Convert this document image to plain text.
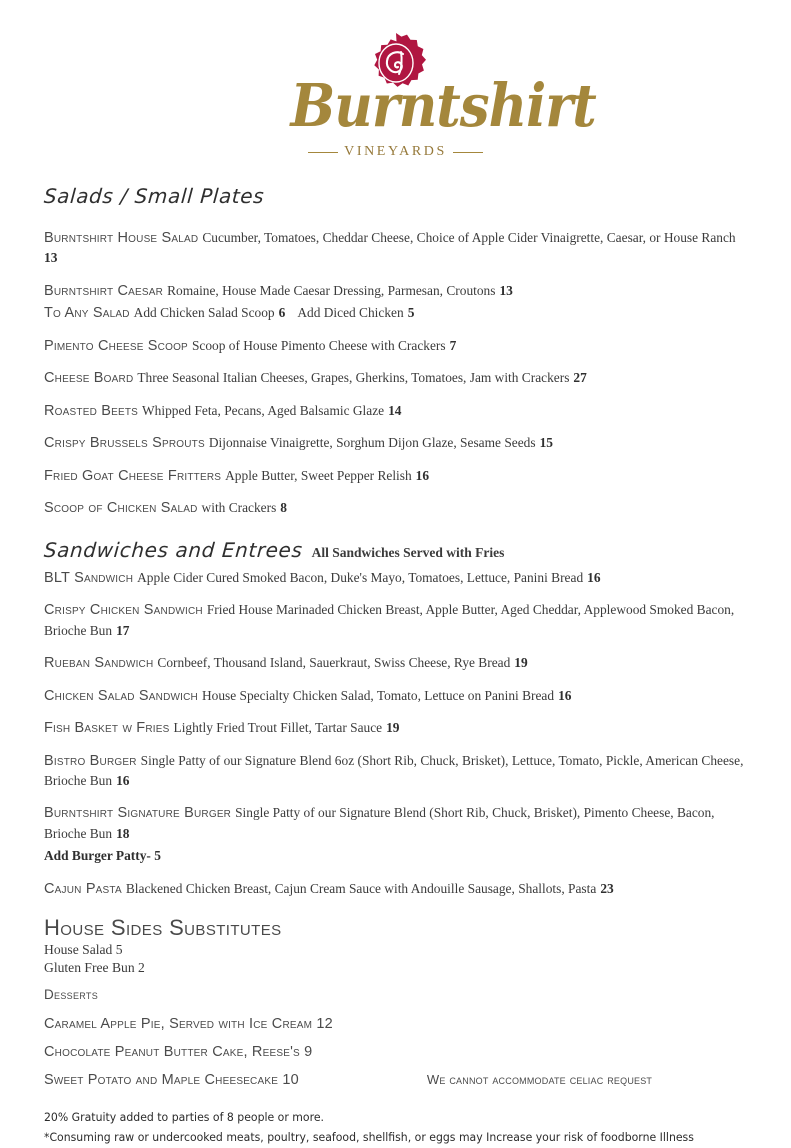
Burntshirt
VINEYARDS
Salads / Small Plates
Burntshirt House Salad Cucumber, Tomatoes, Cheddar Cheese, Choice of Apple Cider Vinaigrette, Caesar, or House Ranch 13
Burntshirt Caesar Romaine, House Made Caesar Dressing, Parmesan, Croutons 13
To Any Salad Add Chicken Salad Scoop 6 Add Diced Chicken 5
Pimento Cheese Scoop Scoop of House Pimento Cheese with Crackers 7
Cheese Board Three Seasonal Italian Cheeses, Grapes, Gherkins, Tomatoes, Jam with Crackers 27
Roasted Beets Whipped Feta, Pecans, Aged Balsamic Glaze 14
Crispy Brussels Sprouts Dijonnaise Vinaigrette, Sorghum Dijon Glaze, Sesame Seeds 15
Fried Goat Cheese Fritters Apple Butter, Sweet Pepper Relish 16
Scoop of Chicken Salad with Crackers 8
Sandwiches and Entrees All Sandwiches Served with Fries
BLT Sandwich Apple Cider Cured Smoked Bacon, Duke's Mayo, Tomatoes, Lettuce, Panini Bread 16
Crispy Chicken Sandwich Fried House Marinaded Chicken Breast, Apple Butter, Aged Cheddar, Applewood Smoked Bacon, Brioche Bun 17
Rueban Sandwich Cornbeef, Thousand Island, Sauerkraut, Swiss Cheese, Rye Bread 19
Chicken Salad Sandwich House Specialty Chicken Salad, Tomato, Lettuce on Panini Bread 16
Fish Basket w Fries Lightly Fried Trout Fillet, Tartar Sauce 19
Bistro Burger Single Patty of our Signature Blend 6oz (Short Rib, Chuck, Brisket), Lettuce, Tomato, Pickle, American Cheese, Brioche Bun 16
Burntshirt Signature Burger Single Patty of our Signature Blend (Short Rib, Chuck, Brisket), Pimento Cheese, Bacon, Brioche Bun 18
Add Burger Patty- 5
Cajun Pasta Blackened Chicken Breast, Cajun Cream Sauce with Andouille Sausage, Shallots, Pasta 23
House Sides Substitutes
House Salad 5
Gluten Free Bun 2
Desserts
Caramel Apple Pie, Served with Ice Cream 12
Chocolate Peanut Butter Cake, Reese's 9
Sweet Potato and Maple Cheesecake 10	We cannot accommodate celiac request
20% Gratuity added to parties of 8 people or more.
*Consuming raw or undercooked meats, poultry, seafood, shellfish, or eggs may Increase your risk of foodborne Illness
